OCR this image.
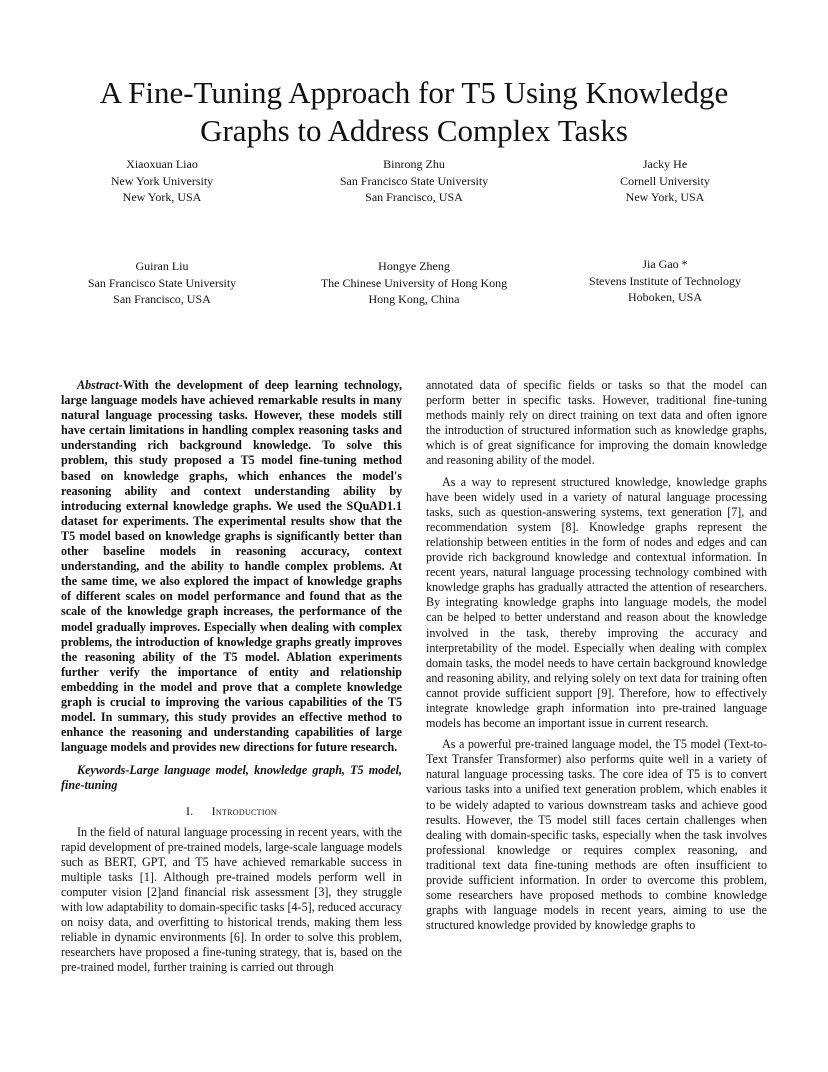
A Fine-Tuning Approach for T5 Using Knowledge
Graphs to Address Complex Tasks
Xiaoxuan Liao
New York University
New York, USA
Binrong Zhu
San Francisco State University
San Francisco, USA
Jacky He
Cornell University
New York, USA
Guiran Liu
San Francisco State University
San Francisco, USA
Hongye Zheng
The Chinese University of Hong Kong
Hong Kong, China
Jia Gao *
Stevens Institute of Technology
Hoboken, USA

Abstract-With the development of deep learning technology, large language models have achieved remarkable results in many natural language processing tasks. However, these models still have certain limitations in handling complex reasoning tasks and understanding rich background knowledge. To solve this problem, this study proposed a T5 model fine-tuning method based on knowledge graphs, which enhances the model's reasoning ability and context understanding ability by introducing external knowledge graphs. We used the SQuAD1.1 dataset for experiments. The experimental results show that the T5 model based on knowledge graphs is significantly better than other baseline models in reasoning accuracy, context understanding, and the ability to handle complex problems. At the same time, we also explored the impact of knowledge graphs of different scales on model performance and found that as the scale of the knowledge graph increases, the performance of the model gradually improves. Especially when dealing with complex problems, the introduction of knowledge graphs greatly improves the reasoning ability of the T5 model. Ablation experiments further verify the importance of entity and relationship embedding in the model and prove that a complete knowledge graph is crucial to improving the various capabilities of the T5 model. In summary, this study provides an effective method to enhance the reasoning and understanding capabilities of large language models and provides new directions for future research.

Keywords-Large language model, knowledge graph, T5 model, fine-tuning

I. Introduction

In the field of natural language processing in recent years, with the rapid development of pre-trained models, large-scale language models such as BERT, GPT, and T5 have achieved remarkable success in multiple tasks [1]. Although pre-trained models perform well in computer vision [2]and financial risk assessment [3], they struggle with low adaptability to domain-specific tasks [4-5], reduced accuracy on noisy data, and overfitting to historical trends, making them less reliable in dynamic environments [6]. In order to solve this problem, researchers have proposed a fine-tuning strategy, that is, based on the pre-trained model, further training is carried out through

annotated data of specific fields or tasks so that the model can perform better in specific tasks. However, traditional fine-tuning methods mainly rely on direct training on text data and often ignore the introduction of structured information such as knowledge graphs, which is of great significance for improving the domain knowledge and reasoning ability of the model.

As a way to represent structured knowledge, knowledge graphs have been widely used in a variety of natural language processing tasks, such as question-answering systems, text generation [7], and recommendation system [8]. Knowledge graphs represent the relationship between entities in the form of nodes and edges and can provide rich background knowledge and contextual information. In recent years, natural language processing technology combined with knowledge graphs has gradually attracted the attention of researchers. By integrating knowledge graphs into language models, the model can be helped to better understand and reason about the knowledge involved in the task, thereby improving the accuracy and interpretability of the model. Especially when dealing with complex domain tasks, the model needs to have certain background knowledge and reasoning ability, and relying solely on text data for training often cannot provide sufficient support [9]. Therefore, how to effectively integrate knowledge graph information into pre-trained language models has become an important issue in current research.

As a powerful pre-trained language model, the T5 model (Text-to-Text Transfer Transformer) also performs quite well in a variety of natural language processing tasks. The core idea of T5 is to convert various tasks into a unified text generation problem, which enables it to be widely adapted to various downstream tasks and achieve good results. However, the T5 model still faces certain challenges when dealing with domain-specific tasks, especially when the task involves professional knowledge or requires complex reasoning, and traditional text data fine-tuning methods are often insufficient to provide sufficient information. In order to overcome this problem, some researchers have proposed methods to combine knowledge graphs with language models in recent years, aiming to use the structured knowledge provided by knowledge graphs to
